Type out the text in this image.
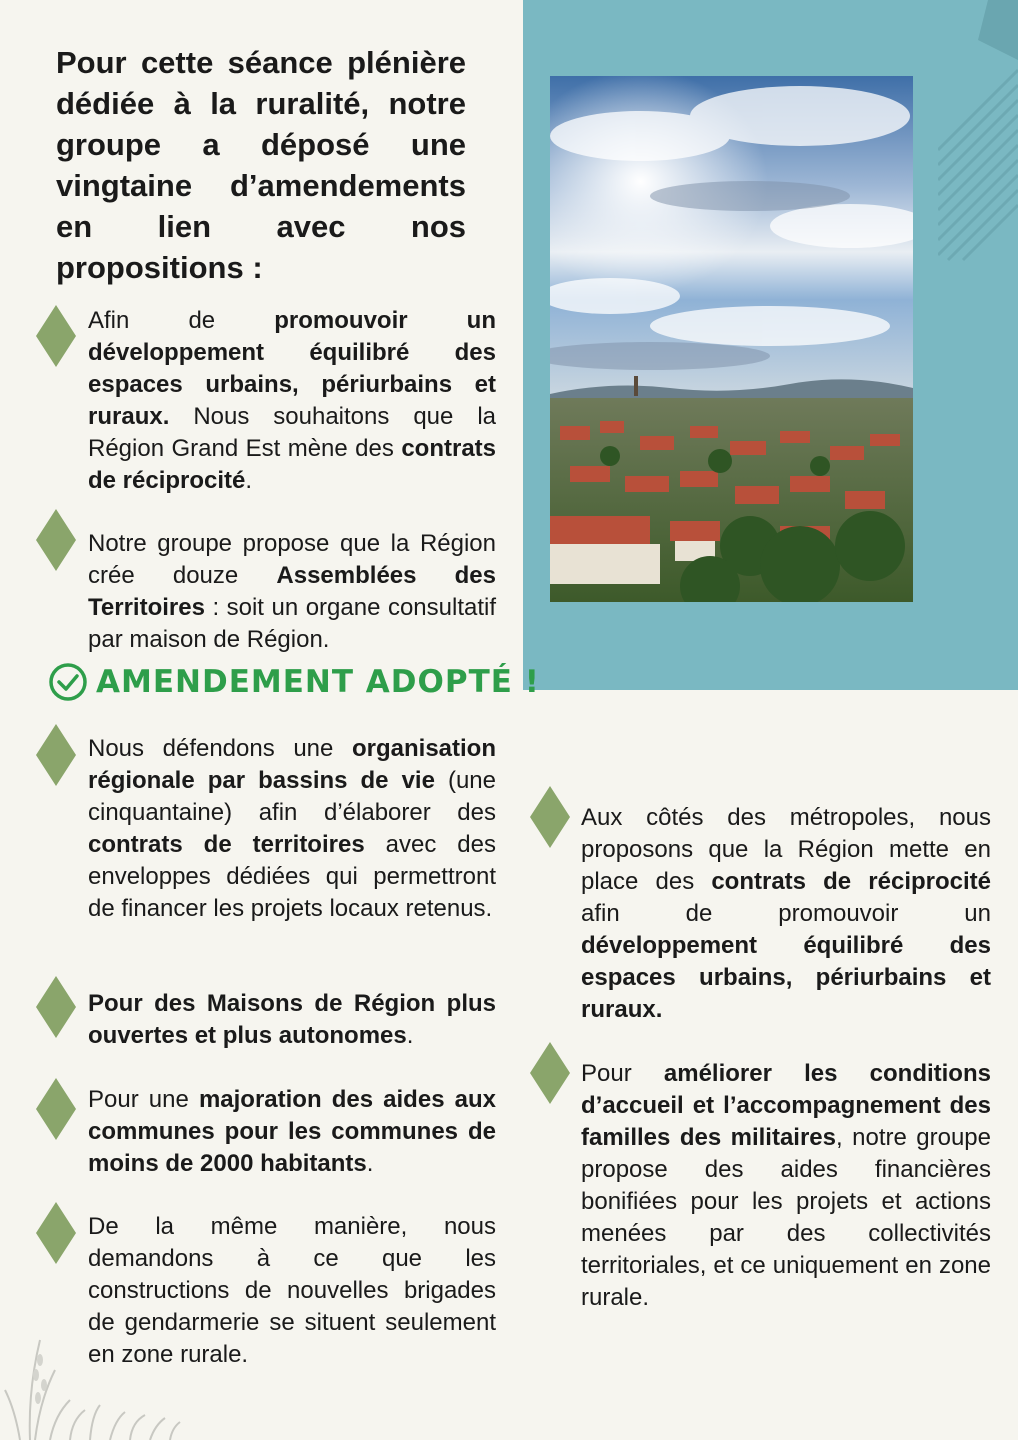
Pour cette séance plénière dédiée à la ruralité, notre groupe a déposé une vingtaine d’amendements en lien avec nos propositions :
Afin de promouvoir un développement équilibré des espaces urbains, périurbains et ruraux. Nous souhaitons que la Région Grand Est mène des contrats de réciprocité.
Notre groupe propose que la Région crée douze Assemblées des Territoires : soit un organe consultatif par maison de Région.
AMENDEMENT ADOPTÉ !
Nous défendons une organisation régionale par bassins de vie (une cinquantaine) afin d’élaborer des contrats de territoires avec des enveloppes dédiées qui permettront de financer les projets locaux retenus.
Pour des Maisons de Région plus ouvertes et plus autonomes.
Pour une majoration des aides aux communes pour les communes de moins de 2000 habitants.
De la même manière, nous demandons à ce que les constructions de nouvelles brigades de gendarmerie se situent seulement en zone rurale.
Aux côtés des métropoles, nous proposons que la Région mette en place des contrats de réciprocité afin de promouvoir un développement équilibré des espaces urbains, périurbains et ruraux.
Pour améliorer les conditions d’accueil et l’accompagnement des familles des militaires, notre groupe propose des aides financières bonifiées pour les projets et actions menées par des collectivités territoriales, et ce uniquement en zone rurale.
